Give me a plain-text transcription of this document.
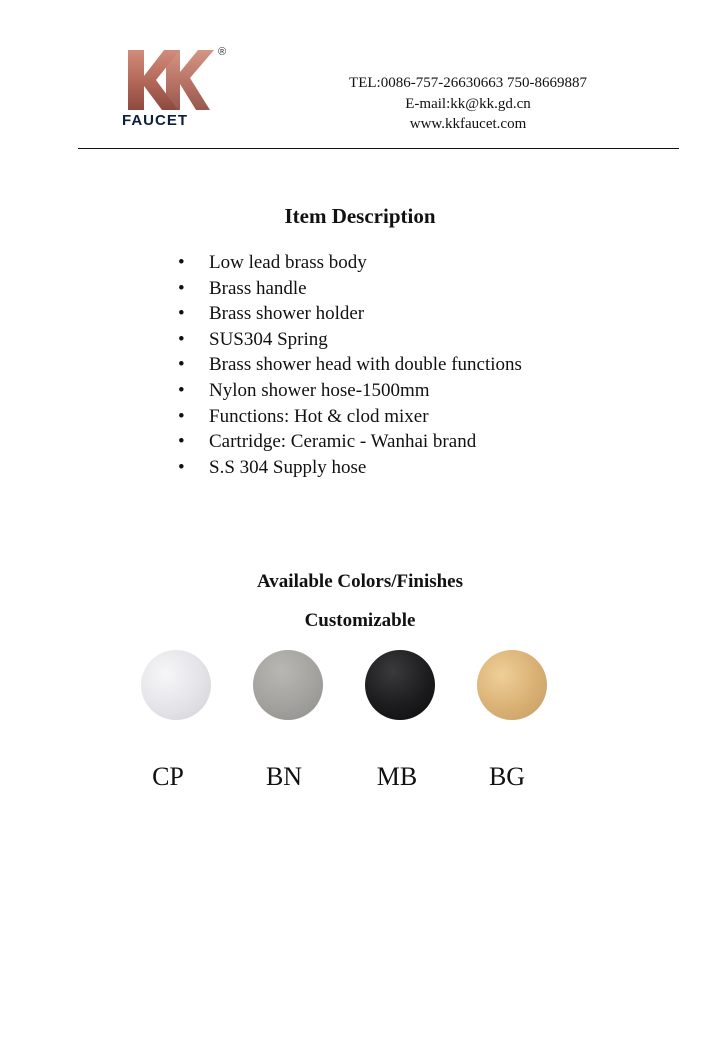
®
FAUCET
TEL:0086-757-26630663 750-8669887
E-mail:kk@kk.gd.cn
www.kkfaucet.com
Item Description
• Low lead brass body
• Brass handle
• Brass shower holder
• SUS304 Spring
• Brass shower head with double functions
• Nylon shower hose-1500mm
• Functions: Hot & clod mixer
• Cartridge: Ceramic - Wanhai brand
• S.S 304 Supply hose
Available Colors/Finishes
Customizable
CP	BN	MB	BG
